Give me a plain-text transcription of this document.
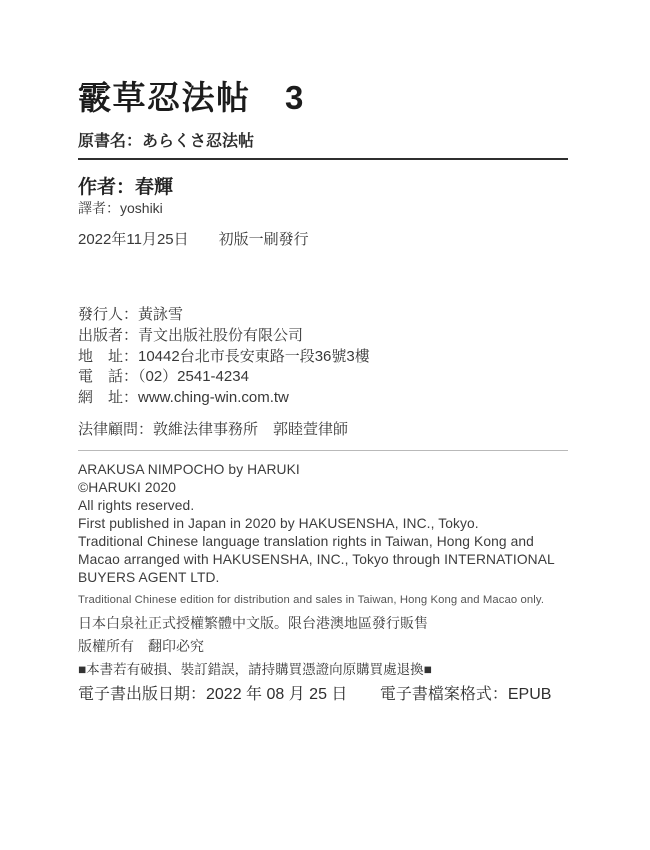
霰草忍法帖　3
原書名：あらくさ忍法帖
作者：春輝
譯者：yoshiki
2022年11月25日　　初版一刷發行
發行人：黃詠雪
出版者：青文出版社股份有限公司
地　址：10442台北市長安東路一段36號3樓
電　話：（02）2541-4234
網　址：www.ching-win.com.tw
法律顧問：敦維法律事務所　郭睦萱律師
ARAKUSA NIMPOCHO by HARUKI
©HARUKI 2020
All rights reserved.
First published in Japan in 2020 by HAKUSENSHA, INC., Tokyo.
Traditional Chinese language translation rights in Taiwan, Hong Kong and
Macao arranged with HAKUSENSHA, INC., Tokyo through INTERNATIONAL
BUYERS AGENT LTD.
Traditional Chinese edition for distribution and sales in Taiwan, Hong Kong and Macao only.
日本白泉社正式授權繁體中文版。限台港澳地區發行販售
版權所有　翻印必究
■本書若有破損、裝訂錯誤，請持購買憑證向原購買處退換■
電子書出版日期：2022 年 08 月 25 日 電子書檔案格式：EPUB
